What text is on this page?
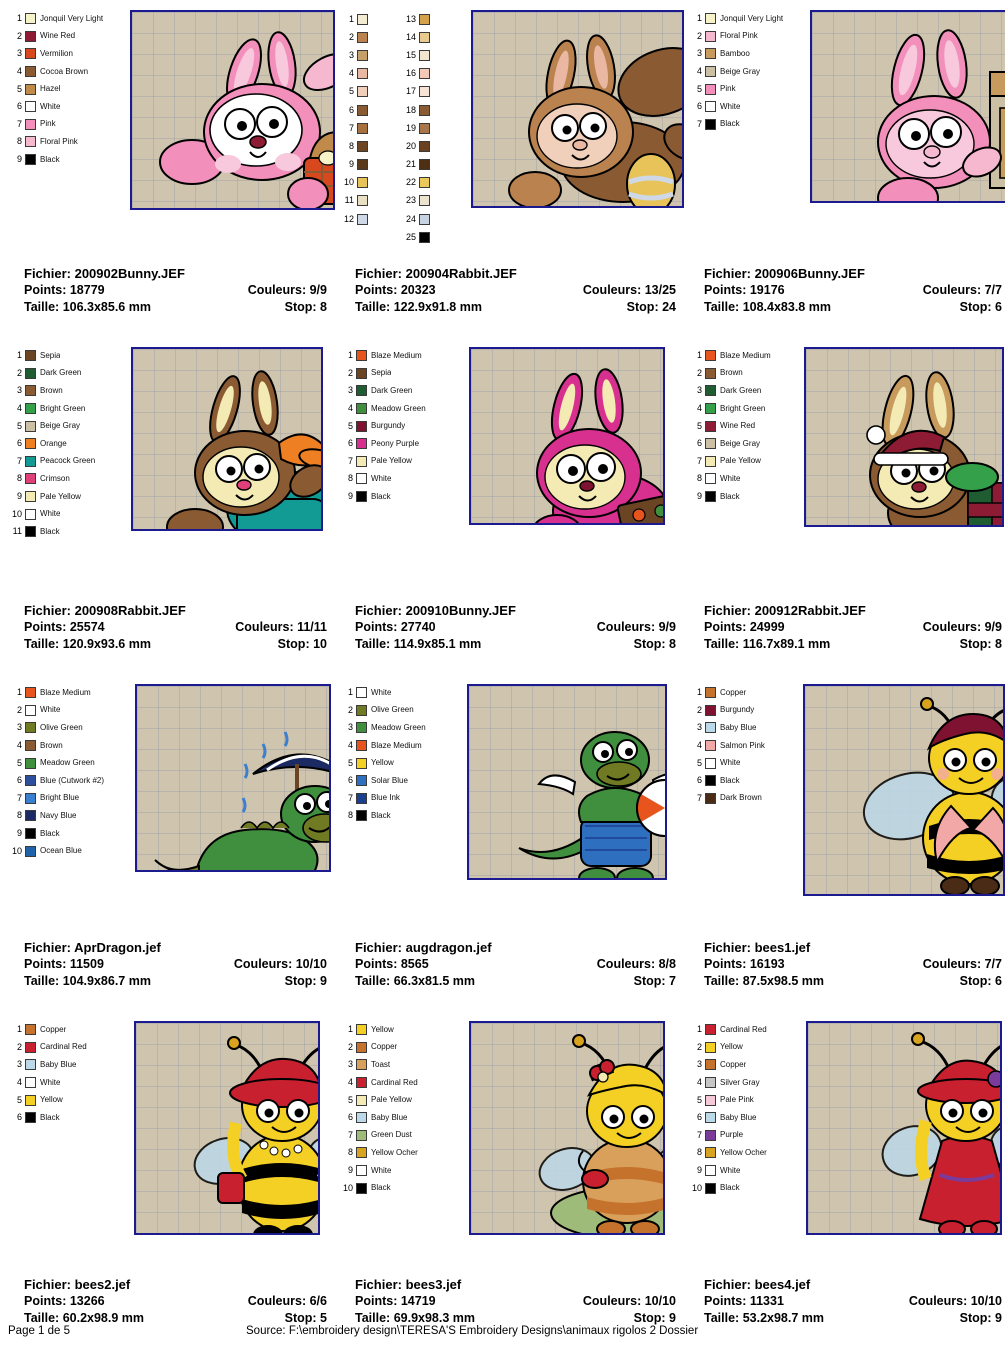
1	Jonquil Very Light
2	Wine Red
3	Vermilion
4	Cocoa Brown
5	Hazel
6	White
7	Pink
8	Floral Pink
9	Black
Fichier: 200902Bunny.JEF
Points: 18779	Couleurs: 9/9
Taille: 106.3x85.6 mm	Stop: 8
1
2
3
4
5
6
7
8
9
10
11
12
13
14
15
16
17
18
19
20
21
22
23
24
25
Fichier: 200904Rabbit.JEF
Points: 20323	Couleurs: 13/25
Taille: 122.9x91.8 mm	Stop: 24
1	Jonquil Very Light
2	Floral Pink
3	Bamboo
4	Beige Gray
5	Pink
6	White
7	Black
Fichier: 200906Bunny.JEF
Points: 19176	Couleurs: 7/7
Taille: 108.4x83.8 mm	Stop: 6
1	Sepia
2	Dark Green
3	Brown
4	Bright Green
5	Beige Gray
6	Orange
7	Peacock Green
8	Crimson
9	Pale Yellow
10	White
11	Black
Fichier: 200908Rabbit.JEF
Points: 25574	Couleurs: 11/11
Taille: 120.9x93.6 mm	Stop: 10
1	Blaze Medium
2	Sepia
3	Dark Green
4	Meadow Green
5	Burgundy
6	Peony Purple
7	Pale Yellow
8	White
9	Black
Fichier: 200910Bunny.JEF
Points: 27740	Couleurs: 9/9
Taille: 114.9x85.1 mm	Stop: 8
1	Blaze Medium
2	Brown
3	Dark Green
4	Bright Green
5	Wine Red
6	Beige Gray
7	Pale Yellow
8	White
9	Black
Fichier: 200912Rabbit.JEF
Points: 24999	Couleurs: 9/9
Taille: 116.7x89.1 mm	Stop: 8
1	Blaze Medium
2	White
3	Olive Green
4	Brown
5	Meadow Green
6	Blue (Cutwork #2)
7	Bright Blue
8	Navy Blue
9	Black
10	Ocean Blue
Fichier: AprDragon.jef
Points: 11509	Couleurs: 10/10
Taille: 104.9x86.7 mm	Stop: 9
1	White
2	Olive Green
3	Meadow Green
4	Blaze Medium
5	Yellow
6	Solar Blue
7	Blue Ink
8	Black
Fichier: augdragon.jef
Points: 8565	Couleurs: 8/8
Taille: 66.3x81.5 mm	Stop: 7
1	Copper
2	Burgundy
3	Baby Blue
4	Salmon Pink
5	White
6	Black
7	Dark Brown
Fichier: bees1.jef
Points: 16193	Couleurs: 7/7
Taille: 87.5x98.5 mm	Stop: 6
1	Copper
2	Cardinal Red
3	Baby Blue
4	White
5	Yellow
6	Black
Fichier: bees2.jef
Points: 13266	Couleurs: 6/6
Taille: 60.2x98.9 mm	Stop: 5
1	Yellow
2	Copper
3	Toast
4	Cardinal Red
5	Pale Yellow
6	Baby Blue
7	Green Dust
8	Yellow Ocher
9	White
10	Black
Fichier: bees3.jef
Points: 14719	Couleurs: 10/10
Taille: 69.9x98.3 mm	Stop: 9
1	Cardinal Red
2	Yellow
3	Copper
4	Silver Gray
5	Pale Pink
6	Baby Blue
7	Purple
8	Yellow Ocher
9	White
10	Black
Fichier: bees4.jef
Points: 11331	Couleurs: 10/10
Taille: 53.2x98.7 mm	Stop: 9
Page 1 de 5	Source: F:\embroidery design\TERESA'S Embroidery Designs\animaux rigolos 2 Dossier
